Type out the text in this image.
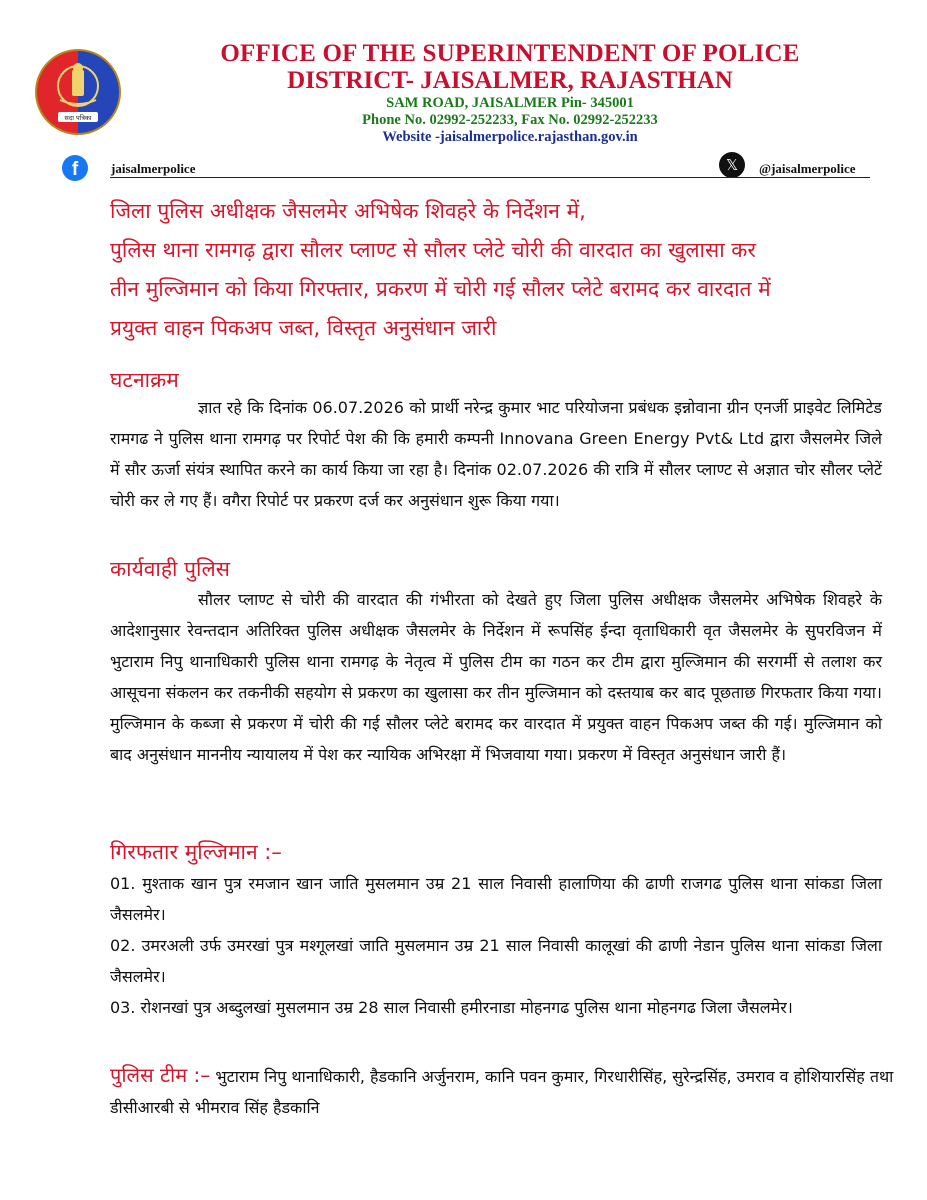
सदा पत्रिका
OFFICE OF THE SUPERINTENDENT OF POLICE
DISTRICT- JAISALMER, RAJASTHAN
SAM ROAD, JAISALMER Pin- 345001
Phone No. 02992-252233, Fax No. 02992-252233
Website -jaisalmerpolice.rajasthan.gov.in
f	jaisalmerpolice	𝕏	@jaisalmerpolice
जिला पुलिस अधीक्षक जैसलमेर अभिषेक शिवहरे के निर्देशन में,
पुलिस थाना रामगढ़ द्वारा सौलर प्लाण्ट से सौलर प्लेटे चोरी की वारदात का खुलासा कर
तीन मुल्जिमान को किया गिरफ्तार, प्रकरण में चोरी गई सौलर प्लेटे बरामद कर वारदात में
प्रयुक्त वाहन पिकअप जब्त, विस्तृत अनुसंधान जारी
घटनाक्रम

ज्ञात रहे कि दिनांक 06.07.2026 को प्रार्थी नरेन्द्र कुमार भाट परियोजना प्रबंधक इन्नोवाना ग्रीन एनर्जी प्राइवेट लिमिटेड रामगढ ने पुलिस थाना रामगढ़ पर रिपोर्ट पेश की कि हमारी कम्पनी Innovana Green Energy Pvt& Ltd द्वारा जैसलमेर जिले में सौर ऊर्जा संयंत्र स्थापित करने का कार्य किया जा रहा है। दिनांक 02.07.2026 की रात्रि में सौलर प्लाण्ट से अज्ञात चोर सौलर प्लेटें चोरी कर ले गए हैं। वगैरा रिपोर्ट पर प्रकरण दर्ज कर अनुसंधान शुरू किया गया।

कार्यवाही पुलिस

सौलर प्लाण्ट से चोरी की वारदात की गंभीरता को देखते हुए जिला पुलिस अधीक्षक जैसलमेर अभिषेक शिवहरे के आदेशानुसार रेवन्तदान अतिरिक्त पुलिस अधीक्षक जैसलमेर के निर्देशन में रूपसिंह ईन्दा वृताधिकारी वृत जैसलमेर के सुपरविजन में भुटाराम निपु थानाधिकारी पुलिस थाना रामगढ़ के नेतृत्व में पुलिस टीम का गठन कर टीम द्वारा मुल्जिमान की सरगर्मी से तलाश कर आसूचना संकलन कर तकनीकी सहयोग से प्रकरण का खुलासा कर तीन मुल्जिमान को दस्तयाब कर बाद पूछताछ गिरफतार किया गया। मुल्जिमान के कब्जा से प्रकरण में चोरी की गई सौलर प्लेटे बरामद कर वारदात में प्रयुक्त वाहन पिकअप जब्त की गई। मुल्जिमान को बाद अनुसंधान माननीय न्यायालय में पेश कर न्यायिक अभिरक्षा में भिजवाया गया। प्रकरण में विस्तृत अनुसंधान जारी हैं।

गिरफतार मुल्जिमान :–
01. मुश्ताक खान पुत्र रमजान खान जाति मुसलमान उम्र 21 साल निवासी हालाणिया की ढाणी राजगढ पुलिस थाना सांकडा जिला जैसलमेर।
02. उमरअली उर्फ उमरखां पुत्र मश्गूलखां जाति मुसलमान उम्र 21 साल निवासी कालूखां की ढाणी नेडान पुलिस थाना सांकडा जिला जैसलमेर।
03. रोशनखां पुत्र अब्दुलखां मुसलमान उम्र 28 साल निवासी हमीरनाडा मोहनगढ पुलिस थाना मोहनगढ जिला जैसलमेर।
पुलिस टीम :– भुटाराम निपु थानाधिकारी, हैडकानि अर्जुनराम, कानि पवन कुमार, गिरधारीसिंह, सुरेन्द्रसिंह, उमराव व होशियारसिंह तथा डीसीआरबी से भीमराव सिंह हैडकानि
